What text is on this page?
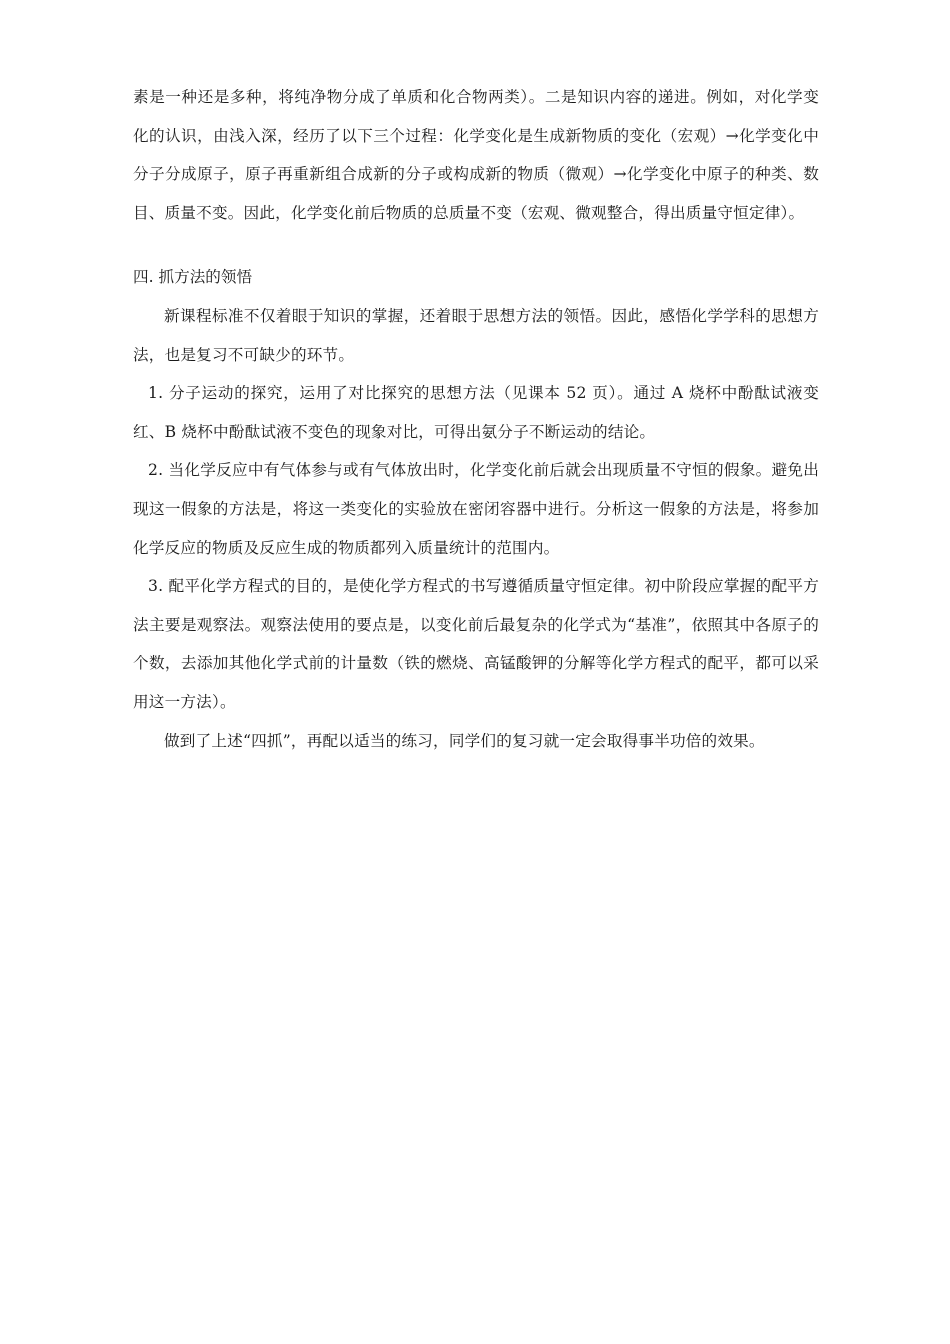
素是一种还是多种，将纯净物分成了单质和化合物两类）。二是知识内容的递进。例如，对化学变化的认识，由浅入深，经历了以下三个过程：化学变化是生成新物质的变化（宏观）→化学变化中分子分成原子，原子再重新组合成新的分子或构成新的物质（微观）→化学变化中原子的种类、数目、质量不变。因此，化学变化前后物质的总质量不变（宏观、微观整合，得出质量守恒定律）。

四. 抓方法的领悟

新课程标准不仅着眼于知识的掌握，还着眼于思想方法的领悟。因此，感悟化学学科的思想方法，也是复习不可缺少的环节。

1. 分子运动的探究，运用了对比探究的思想方法（见课本 52 页）。通过 A 烧杯中酚酞试液变红、B 烧杯中酚酞试液不变色的现象对比，可得出氨分子不断运动的结论。

2. 当化学反应中有气体参与或有气体放出时，化学变化前后就会出现质量不守恒的假象。避免出现这一假象的方法是，将这一类变化的实验放在密闭容器中进行。分析这一假象的方法是，将参加化学反应的物质及反应生成的物质都列入质量统计的范围内。

3. 配平化学方程式的目的，是使化学方程式的书写遵循质量守恒定律。初中阶段应掌握的配平方法主要是观察法。观察法使用的要点是，以变化前后最复杂的化学式为“基准”，依照其中各原子的个数，去添加其他化学式前的计量数（铁的燃烧、高锰酸钾的分解等化学方程式的配平，都可以采用这一方法）。

做到了上述“四抓”，再配以适当的练习，同学们的复习就一定会取得事半功倍的效果。
